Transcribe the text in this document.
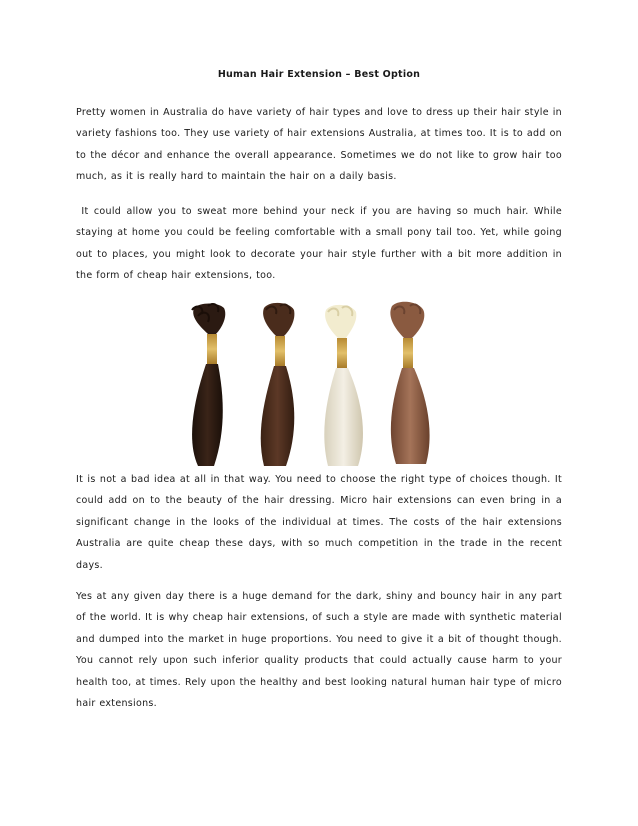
Human Hair Extension – Best Option

Pretty women in Australia do have variety of hair types and love to dress up their hair style in variety fashions too. They use variety of hair extensions Australia, at times too. It is to add on to the décor and enhance the overall appearance. Sometimes we do not like to grow hair too much, as it is really hard to maintain the hair on a daily basis.

It could allow you to sweat more behind your neck if you are having so much hair. While staying at home you could be feeling comfortable with a small pony tail too. Yet, while going out to places, you might look to decorate your hair style further with a bit more addition in the form of cheap hair extensions, too.

It is not a bad idea at all in that way. You need to choose the right type of choices though. It could add on to the beauty of the hair dressing. Micro hair extensions can even bring in a significant change in the looks of the individual at times. The costs of the hair extensions Australia are quite cheap these days, with so much competition in the trade in the recent days.

Yes at any given day there is a huge demand for the dark, shiny and bouncy hair in any part of the world. It is why cheap hair extensions, of such a style are made with synthetic material and dumped into the market in huge proportions. You need to give it a bit of thought though. You cannot rely upon such inferior quality products that could actually cause harm to your health too, at times. Rely upon the healthy and best looking natural human hair type of micro hair extensions.
